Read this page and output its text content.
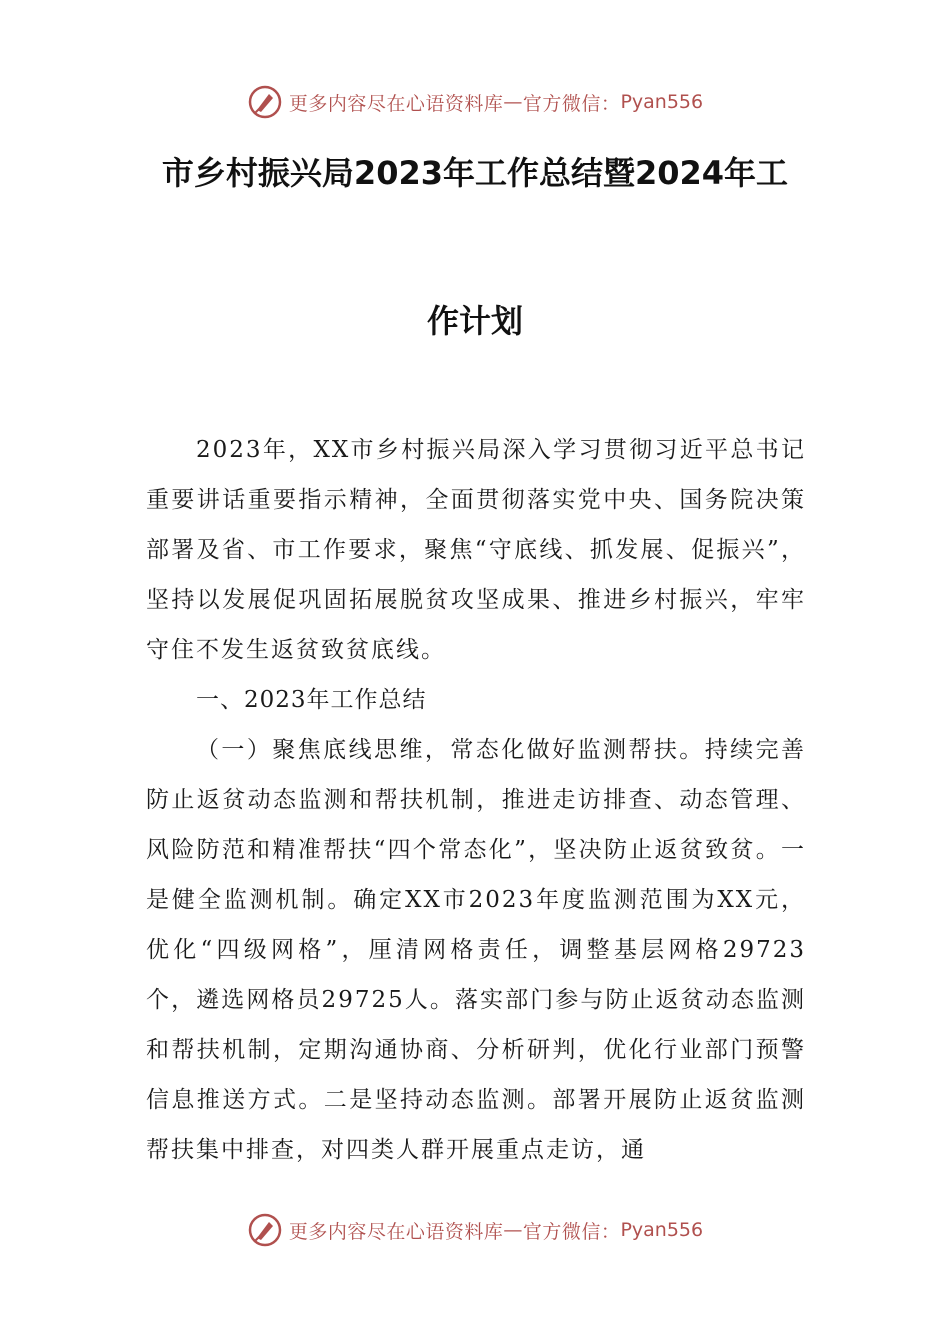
更多内容尽在心语资料库 — 官方微信： Pyan556
市乡村振兴局2023年工作总结暨2024年工
作计划

2023年，XX市乡村振兴局深入学习贯彻习近平总书记重要讲话重要指示精神，全面贯彻落实党中央、国务院决策部署及省、市工作要求，聚焦“守底线、抓发展、促振兴”，坚持以发展促巩固拓展脱贫攻坚成果、推进乡村振兴，牢牢守住不发生返贫致贫底线。

一、2023年工作总结

（一）聚焦底线思维，常态化做好监测帮扶。持续完善防止返贫动态监测和帮扶机制，推进走访排查、动态管理、风险防范和精准帮扶“四个常态化”，坚决防止返贫致贫。一是健全监测机制。确定XX市2023年度监测范围为XX元，优化“四级网格”，厘清网格责任，调整基层网格29723个，遴选网格员29725人。落实部门参与防止返贫动态监测和帮扶机制，定期沟通协商、分析研判，优化行业部门预警信息推送方式。二是坚持动态监测。部署开展防止返贫监测帮扶集中排查，对四类人群开展重点走访，通

更多内容尽在心语资料库 — 官方微信： Pyan556
